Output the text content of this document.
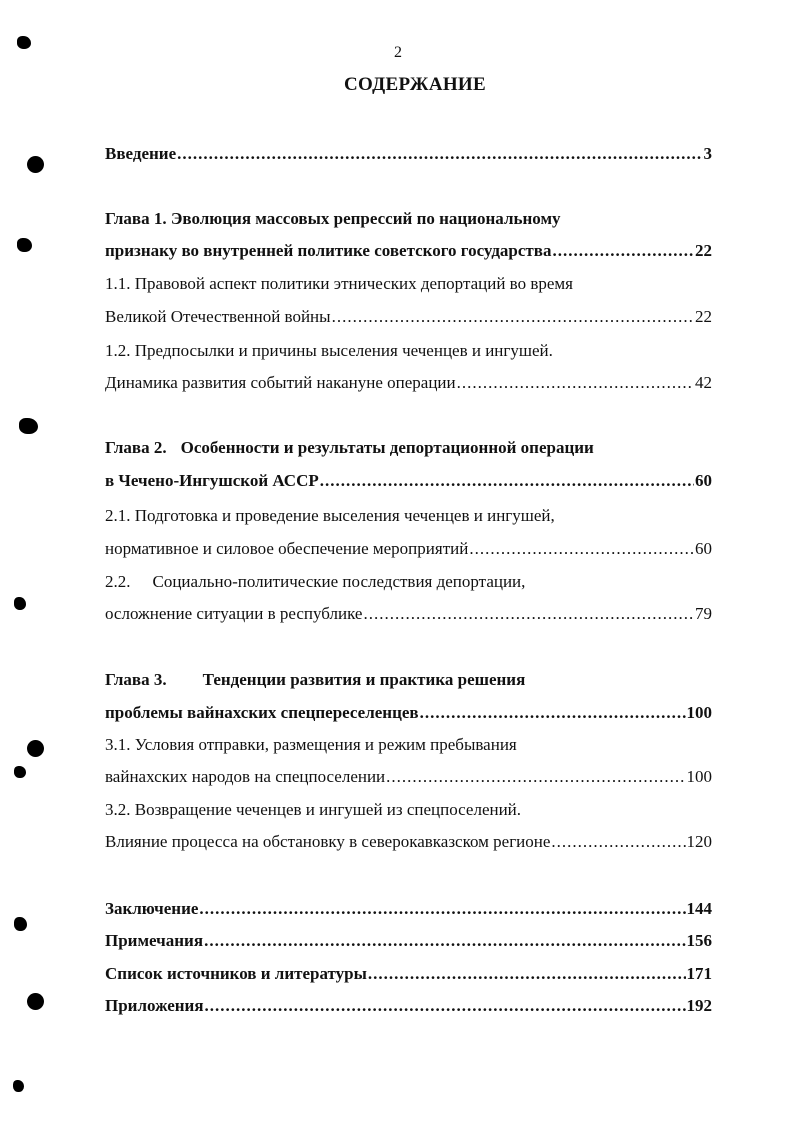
2
СОДЕРЖАНИЕ
Введение .....	3
Глава 1. Эволюция массовых репрессий по национальному
признаку во внутренней политике советского государства .....	22
1.1. Правовой аспект политики этнических депортаций во время
Великой Отечественной войны .....	22
1.2. Предпосылки и причины выселения чеченцев и ингушей.
Динамика развития событий накануне операции .....	42
Глава 2. Особенности и результаты депортационной операции
в Чечено-Ингушской АССР .....	60
2.1. Подготовка и проведение выселения чеченцев и ингушей,
нормативное и силовое обеспечение мероприятий .....	60
2.2. Социально-политические последствия депортации,
осложнение ситуации в республике .....	79
Глава 3. Тенденции развития и практика решения
проблемы вайнахских спецпереселенцев .....	100
3.1. Условия отправки, размещения и режим пребывания
вайнахских народов на спецпоселении .....	100
3.2. Возвращение чеченцев и ингушей из спецпоселений.
Влияние процесса на обстановку в северокавказском регионе .....	120
Заключение .....	144
Примечания .....	156
Список источников и литературы .....	171
Приложения .....	192
